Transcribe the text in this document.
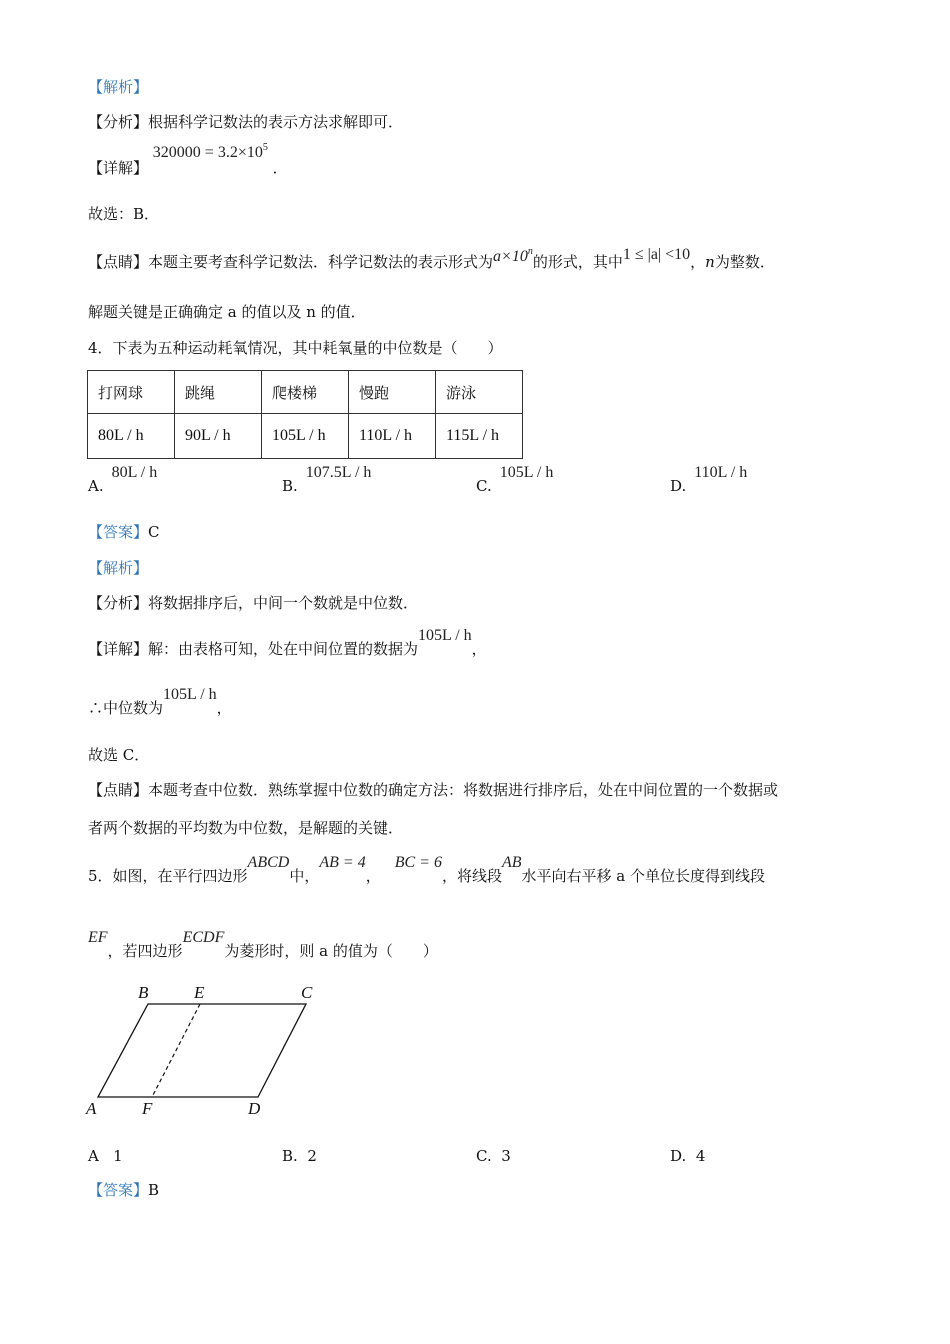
【解析】
【分析】根据科学记数法的表示方法求解即可．
【详解】 $320000 = 3.2\times 10^5$ ．
故选：B．
【点睛】本题主要考查科学记数法．科学记数法的表示形式为$a\times 10^n$的形式，其中1 ≤ |a| <10，n为整数．
解题关键是正确确定 a 的值以及 n 的值．
4．下表为五种运动耗氧情况，其中耗氧量的中位数是（　　）
打网球	跳绳	爬楼梯	慢跑	游泳
80L / h	90L / h	105L / h	110L / h	115L / h
A.80L / h
B.107.5L / h
C.105L / h
D.110L / h
【答案】C
【解析】
【分析】将数据排序后，中间一个数就是中位数．
【详解】解：由表格可知，处在中间位置的数据为105L / h，
∴中位数为105L / h，
故选 C．
【点睛】本题考查中位数．熟练掌握中位数的确定方法：将数据进行排序后，处在中间位置的一个数据或
者两个数据的平均数为中位数，是解题的关键．
5．如图，在平行四边形ABCD中，AB = 4，BC = 6，将线段AB水平向右平移 a 个单位长度得到线段
EF，若四边形ECDF为菱形时，则 a 的值为（　　）
B	E	C
A	F	D
A 1	B. 2	C. 3	D. 4
【答案】B
